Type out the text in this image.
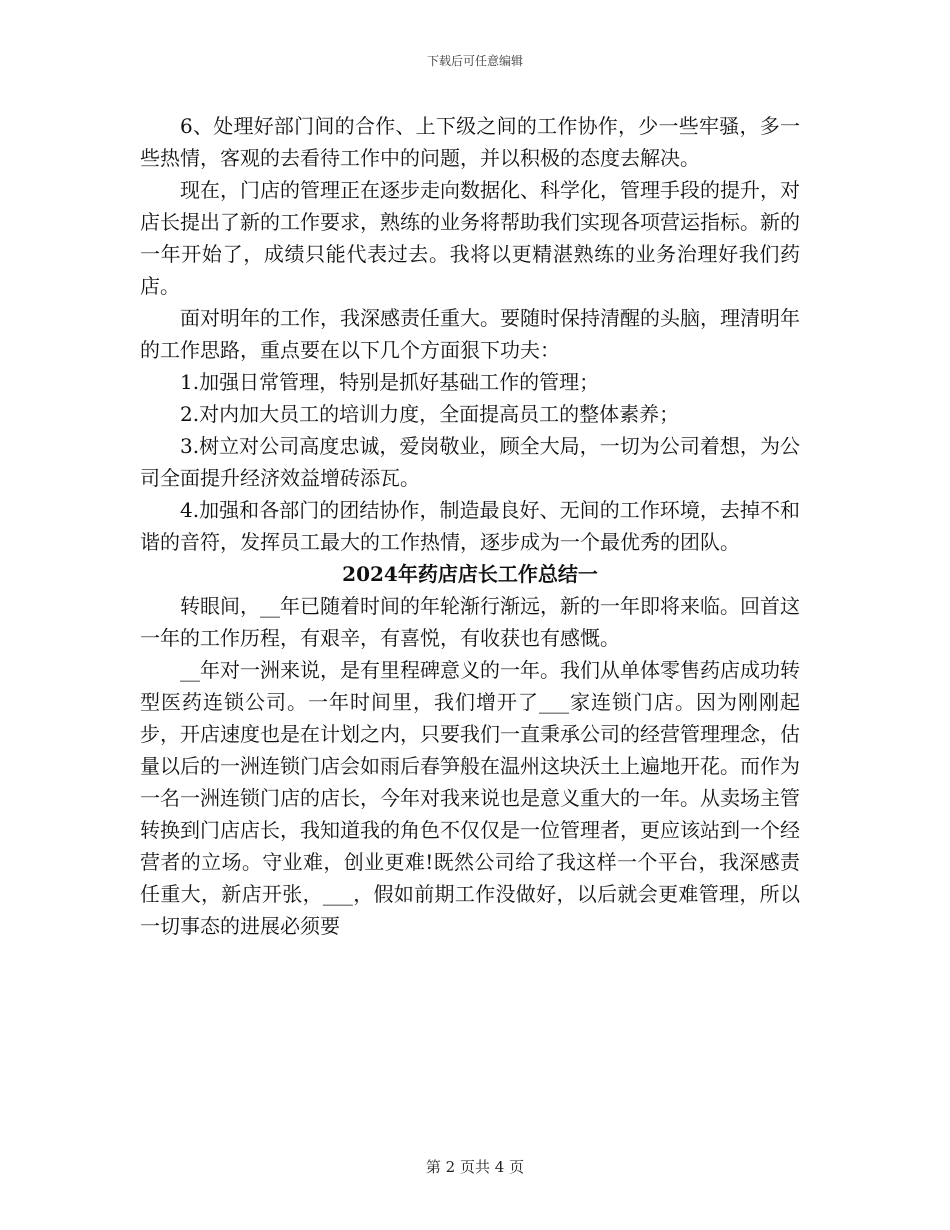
下载后可任意编辑

6、处理好部门间的合作、上下级之间的工作协作，少一些牢骚，多一些热情，客观的去看待工作中的问题，并以积极的态度去解决。

现在，门店的管理正在逐步走向数据化、科学化，管理手段的提升，对店长提出了新的工作要求，熟练的业务将帮助我们实现各项营运指标。新的一年开始了，成绩只能代表过去。我将以更精湛熟练的业务治理好我们药店。

面对明年的工作，我深感责任重大。要随时保持清醒的头脑，理清明年的工作思路，重点要在以下几个方面狠下功夫：

1.加强日常管理，特别是抓好基础工作的管理；

2.对内加大员工的培训力度，全面提高员工的整体素养；

3.树立对公司高度忠诚，爱岗敬业，顾全大局，一切为公司着想，为公司全面提升经济效益增砖添瓦。

4.加强和各部门的团结协作，制造最良好、无间的工作环境，去掉不和谐的音符，发挥员工最大的工作热情，逐步成为一个最优秀的团队。

2024年药店店长工作总结一

转眼间，__年已随着时间的年轮渐行渐远，新的一年即将来临。回首这一年的工作历程，有艰辛，有喜悦，有收获也有感慨。

__年对一洲来说，是有里程碑意义的一年。我们从单体零售药店成功转型医药连锁公司。一年时间里，我们增开了___家连锁门店。因为刚刚起步，开店速度也是在计划之内，只要我们一直秉承公司的经营管理理念，估量以后的一洲连锁门店会如雨后春笋般在温州这块沃土上遍地开花。而作为一名一洲连锁门店的店长，今年对我来说也是意义重大的一年。从卖场主管转换到门店店长，我知道我的角色不仅仅是一位管理者，更应该站到一个经营者的立场。守业难，创业更难!既然公司给了我这样一个平台，我深感责任重大，新店开张，___，假如前期工作没做好，以后就会更难管理，所以一切事态的进展必须要

第 2 页共 4 页
